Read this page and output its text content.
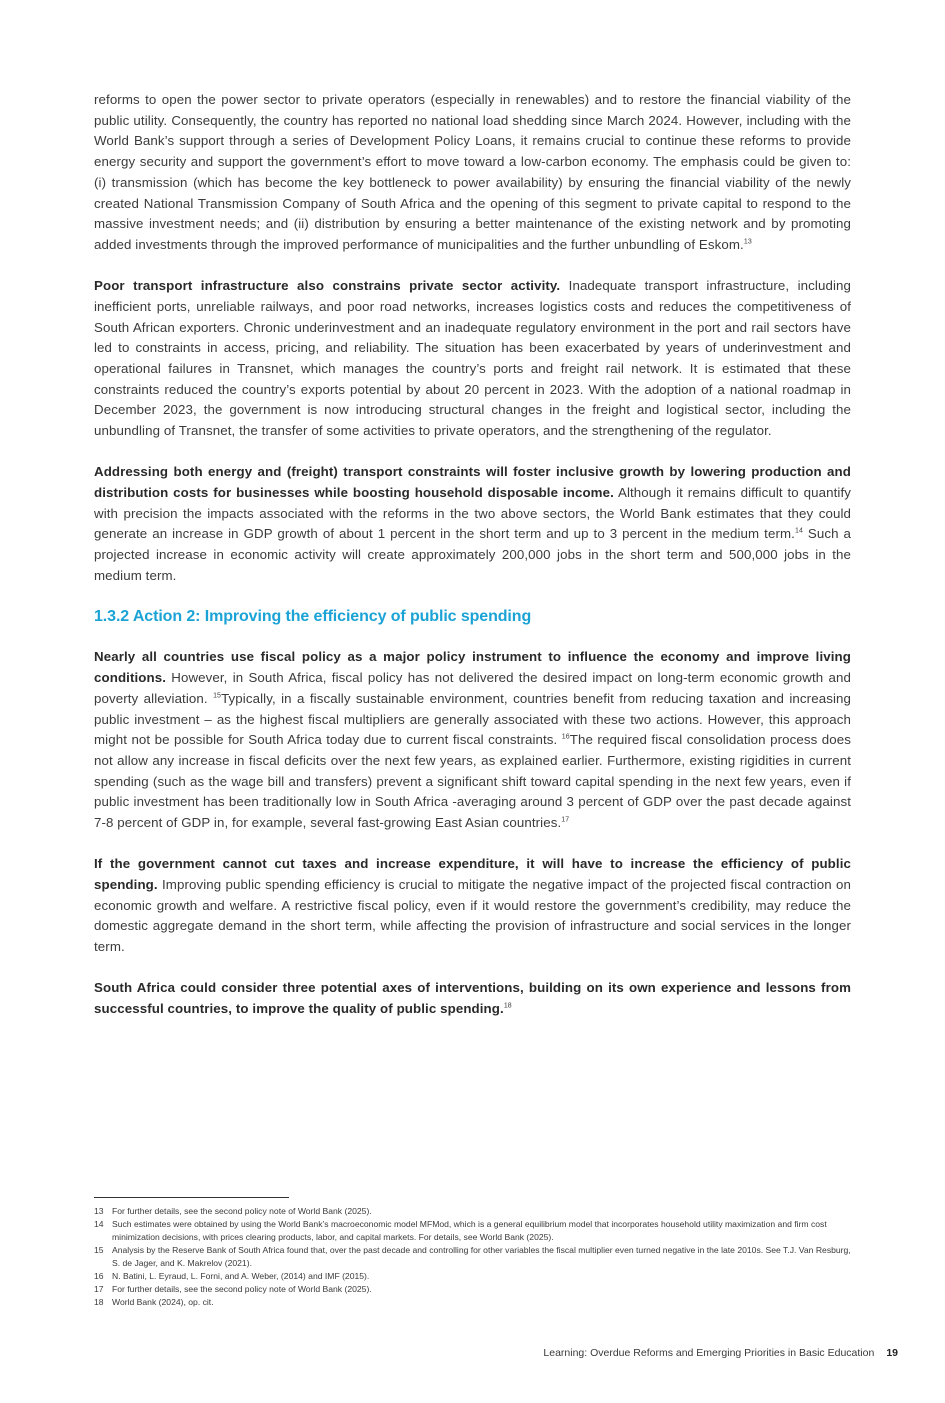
reforms to open the power sector to private operators (especially in renewables) and to restore the financial viability of the public utility. Consequently, the country has reported no national load shedding since March 2024. However, including with the World Bank’s support through a series of Development Policy Loans, it remains crucial to continue these reforms to provide energy security and support the government’s effort to move toward a low-carbon economy. The emphasis could be given to: (i) transmission (which has become the key bottleneck to power availability) by ensuring the financial viability of the newly created National Transmission Company of South Africa and the opening of this segment to private capital to respond to the massive investment needs; and (ii) distribution by ensuring a better maintenance of the existing network and by promoting added investments through the improved performance of municipalities and the further unbundling of Eskom.$^{13}$

Poor transport infrastructure also constrains private sector activity. Inadequate transport infrastructure, including inefficient ports, unreliable railways, and poor road networks, increases logistics costs and reduces the competitiveness of South African exporters. Chronic underinvestment and an inadequate regulatory environment in the port and rail sectors have led to constraints in access, pricing, and reliability. The situation has been exacerbated by years of underinvestment and operational failures in Transnet, which manages the country’s ports and freight rail network. It is estimated that these constraints reduced the country’s exports potential by about 20 percent in 2023. With the adoption of a national roadmap in December 2023, the government is now introducing structural changes in the freight and logistical sector, including the unbundling of Transnet, the transfer of some activities to private operators, and the strengthening of the regulator.

Addressing both energy and (freight) transport constraints will foster inclusive growth by lowering production and distribution costs for businesses while boosting household disposable income. Although it remains difficult to quantify with precision the impacts associated with the reforms in the two above sectors, the World Bank estimates that they could generate an increase in GDP growth of about 1 percent in the short term and up to 3 percent in the medium term.$^{14}$ Such a projected increase in economic activity will create approximately 200,000 jobs in the short term and 500,000 jobs in the medium term.

1.3.2 Action 2: Improving the efficiency of public spending

Nearly all countries use fiscal policy as a major policy instrument to influence the economy and improve living conditions. However, in South Africa, fiscal policy has not delivered the desired impact on long-term economic growth and poverty alleviation. $^{15}$Typically, in a fiscally sustainable environment, countries benefit from reducing taxation and increasing public investment – as the highest fiscal multipliers are generally associated with these two actions. However, this approach might not be possible for South Africa today due to current fiscal constraints. $^{16}$The required fiscal consolidation process does not allow any increase in fiscal deficits over the next few years, as explained earlier. Furthermore, existing rigidities in current spending (such as the wage bill and transfers) prevent a significant shift toward capital spending in the next few years, even if public investment has been traditionally low in South Africa -averaging around 3 percent of GDP over the past decade against 7-8 percent of GDP in, for example, several fast-growing East Asian countries.$^{17}$

If the government cannot cut taxes and increase expenditure, it will have to increase the efficiency of public spending. Improving public spending efficiency is crucial to mitigate the negative impact of the projected fiscal contraction on economic growth and welfare. A restrictive fiscal policy, even if it would restore the government’s credibility, may reduce the domestic aggregate demand in the short term, while affecting the provision of infrastructure and social services in the longer term.

South Africa could consider three potential axes of interventions, building on its own experience and lessons from successful countries, to improve the quality of public spending.$^{18}$

13 For further details, see the second policy note of World Bank (2025).
14 Such estimates were obtained by using the World Bank’s macroeconomic model MFMod, which is a general equilibrium model that incorporates household utility maximization and firm cost minimization decisions, with prices clearing products, labor, and capital markets. For details, see World Bank (2025).
15 Analysis by the Reserve Bank of South Africa found that, over the past decade and controlling for other variables the fiscal multiplier even turned negative in the late 2010s. See T.J. Van Resburg, S. de Jager, and K. Makrelov (2021).
16 N. Batini, L. Eyraud, L. Forni, and A. Weber, (2014) and IMF (2015).
17 For further details, see the second policy note of World Bank (2025).
18 World Bank (2024), op. cit.
Learning: Overdue Reforms and Emerging Priorities in Basic Education 19
